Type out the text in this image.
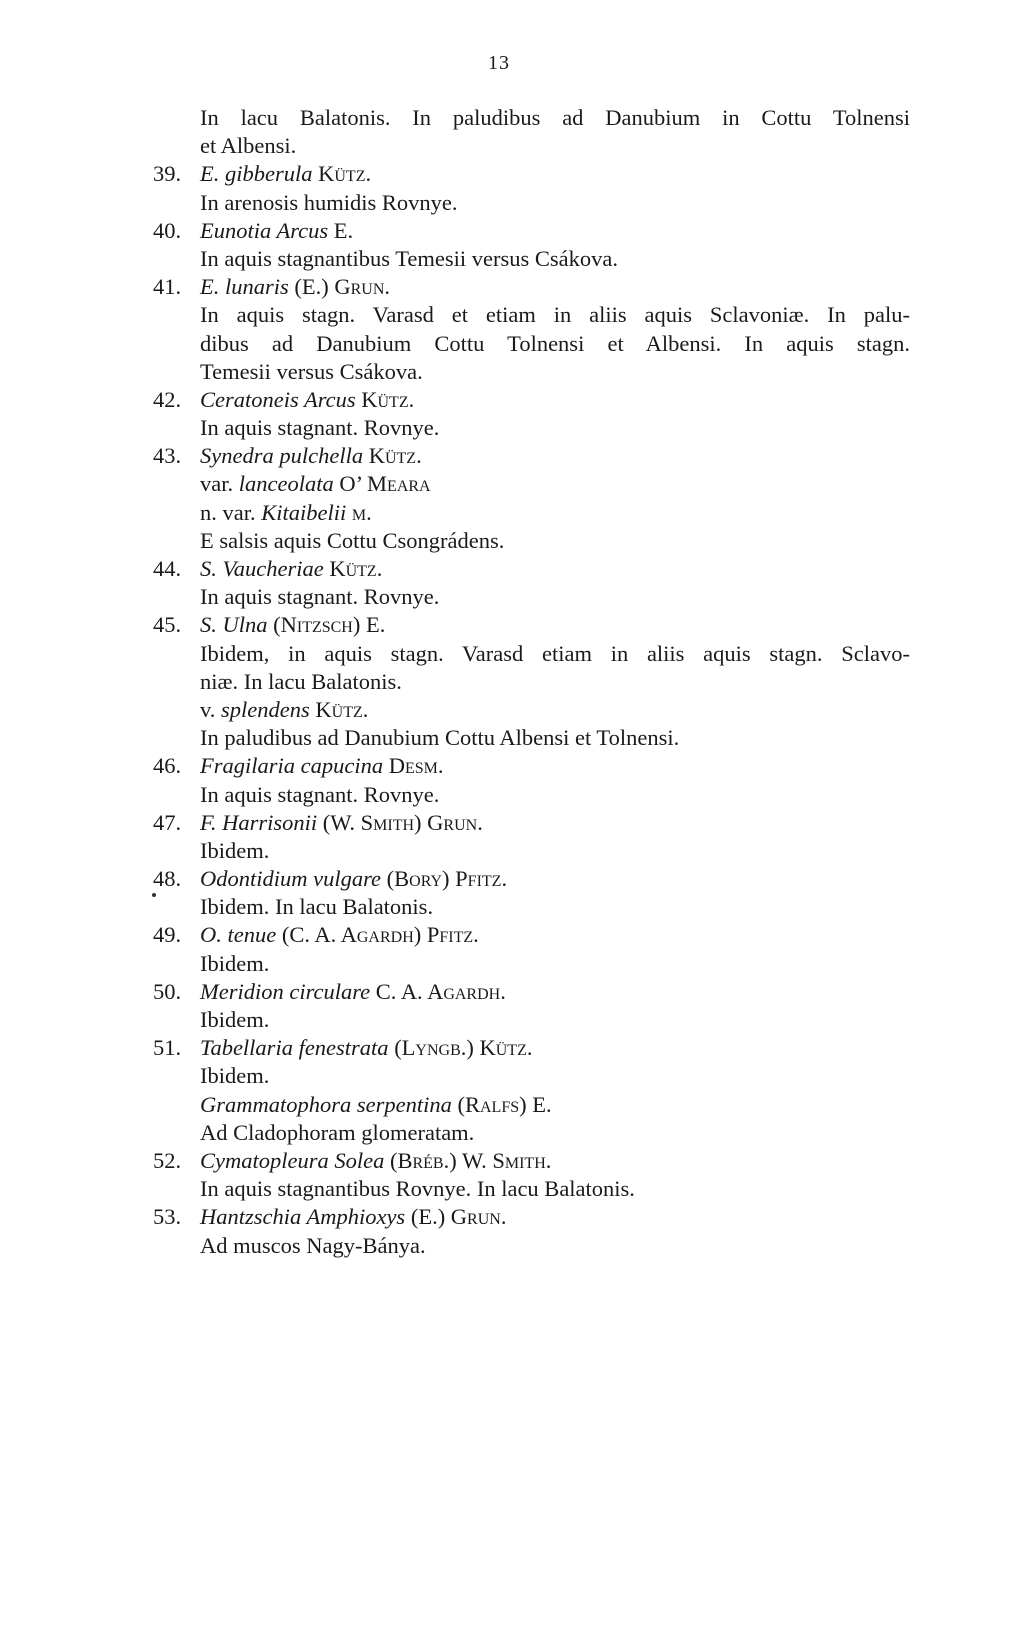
13
In lacu Balatonis. In paludibus ad Danubium in Cottu Tolnensi
et Albensi.
39. E. gibberula Kütz.
In arenosis humidis Rovnye.
40. Eunotia Arcus E.
In aquis stagnantibus Temesii versus Csákova.
41. E. lunaris (E.) Grun.
In aquis stagn. Varasd et etiam in aliis aquis Sclavoniæ. In palu-
dibus ad Danubium Cottu Tolnensi et Albensi. In aquis stagn.
Temesii versus Csákova.
42. Ceratoneis Arcus Kütz.
In aquis stagnant. Rovnye.
43. Synedra pulchella Kütz.
var. lanceolata O’ Meara
n. var. Kitaibelii m.
E salsis aquis Cottu Csongrádens.
44. S. Vaucheriae Kütz.
In aquis stagnant. Rovnye.
45. S. Ulna (Nitzsch) E.
Ibidem, in aquis stagn. Varasd etiam in aliis aquis stagn. Sclavo-
niæ. In lacu Balatonis.
v. splendens Kütz.
In paludibus ad Danubium Cottu Albensi et Tolnensi.
46. Fragilaria capucina Desm.
In aquis stagnant. Rovnye.
47. F. Harrisonii (W. Smith) Grun.
Ibidem.
48. Odontidium vulgare (Bory) Pfitz.
Ibidem. In lacu Balatonis.
49. O. tenue (C. A. Agardh) Pfitz.
Ibidem.
50. Meridion circulare C. A. Agardh.
Ibidem.
51. Tabellaria fenestrata (Lyngb.) Kütz.
Ibidem.
Grammatophora serpentina (Ralfs) E.
Ad Cladophoram glomeratam.
52. Cymatopleura Solea (Bréb.) W. Smith.
In aquis stagnantibus Rovnye. In lacu Balatonis.
53. Hantzschia Amphioxys (E.) Grun.
Ad muscos Nagy-Bánya.
